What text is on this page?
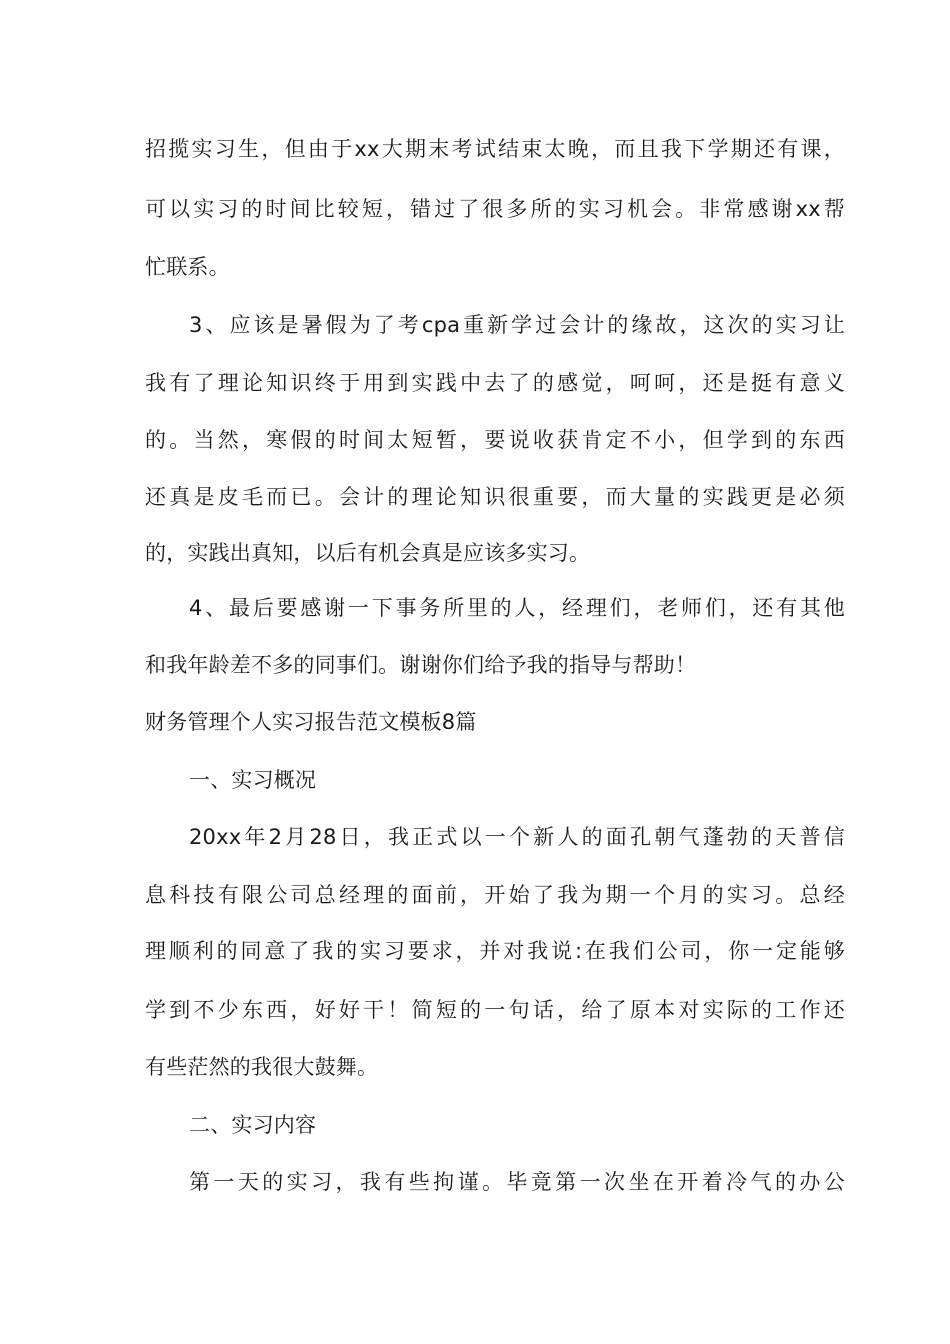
招揽实习生，但由于xx大期末考试结束太晚，而且我下学期还有课，
可以实习的时间比较短，错过了很多所的实习机会。非常感谢xx帮
忙联系。
3、应该是暑假为了考cpa重新学过会计的缘故，这次的实习让
我有了理论知识终于用到实践中去了的感觉，呵呵，还是挺有意义
的。当然，寒假的时间太短暂，要说收获肯定不小，但学到的东西
还真是皮毛而已。会计的理论知识很重要，而大量的实践更是必须
的，实践出真知，以后有机会真是应该多实习。
4、最后要感谢一下事务所里的人，经理们，老师们，还有其他
和我年龄差不多的同事们。谢谢你们给予我的指导与帮助！
财务管理个人实习报告范文模板8篇
一、实习概况
20xx年2月28日，我正式以一个新人的面孔朝气蓬勃的天普信
息科技有限公司总经理的面前，开始了我为期一个月的实习。总经
理顺利的同意了我的实习要求，并对我说:在我们公司，你一定能够
学到不少东西，好好干！简短的一句话，给了原本对实际的工作还
有些茫然的我很大鼓舞。
二、实习内容
第一天的实习，我有些拘谨。毕竟第一次坐在开着冷气的办公
